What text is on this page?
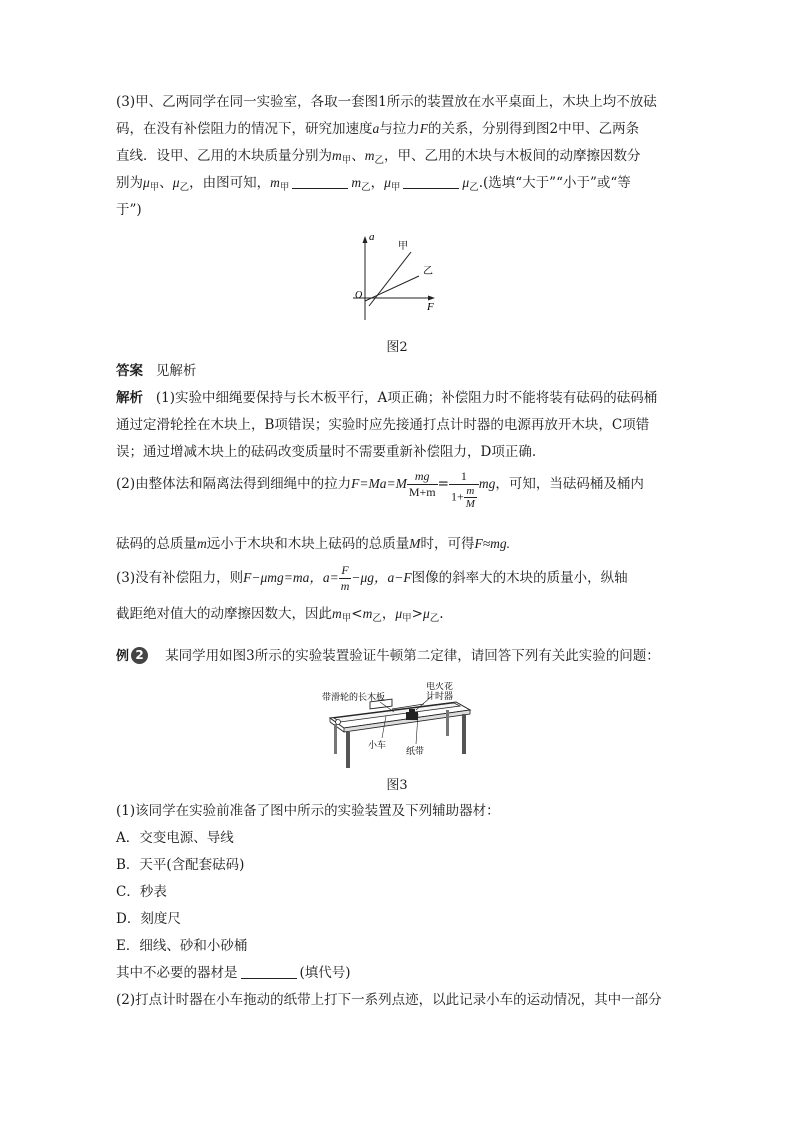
(3)甲、乙两同学在同一实验室，各取一套图1所示的装置放在水平桌面上，木块上均不放砝
码，在没有补偿阻力的情况下，研究加速度a与拉力F的关系，分别得到图2中甲、乙两条
直线．设甲、乙用的木块质量分别为$m_甲$、$m_乙$，甲、乙用的木块与木板间的动摩擦因数分
别为$\mu_甲$、$\mu_乙$，由图可知，$m_甲$	$m_乙$，$\mu_甲$	$\mu_乙$.(选填“大于”“小于”或“等
于”)
a
F
O
甲
乙
图2
答案 见解析
解析 (1)实验中细绳要保持与长木板平行，A项正确；补偿阻力时不能将装有砝码的砝码桶
通过定滑轮拴在木块上，B项错误；实验时应先接通打点计时器的电源再放开木块，C项错
误；通过增减木块上的砝码改变质量时不需要重新补偿阻力，D项正确.
(2)由整体法和隔离法得到细绳中的拉力$F=Ma=M \frac{mg}{M+m} = \frac{1}{1+ \frac{m}{M}}$ mg，可知，当砝码桶及桶内
砝码的总质量m远小于木块和木块上砝码的总质量M时，可得F≈mg.
(3)没有补偿阻力，则F−μmg=ma，$a= \frac{F}{m} -\mu g$，a−F图像的斜率大的木块的质量小，纵轴
截距绝对值大的动摩擦因数大，因此$m_甲<m_乙$，$\mu_甲>\mu_乙$.
例 2 某同学用如图3所示的实验装置验证牛顿第二定律，请回答下列有关此实验的问题：
带滑轮的长木板
电火花
计时器
小车
纸带
图3
(1)该同学在实验前准备了图中所示的实验装置及下列辅助器材：
A．交变电源、导线
B．天平(含配套砝码)
C．秒表
D．刻度尺
E．细线、砂和小砂桶
其中不必要的器材是	(填代号)
(2)打点计时器在小车拖动的纸带上打下一系列点迹，以此记录小车的运动情况，其中一部分
